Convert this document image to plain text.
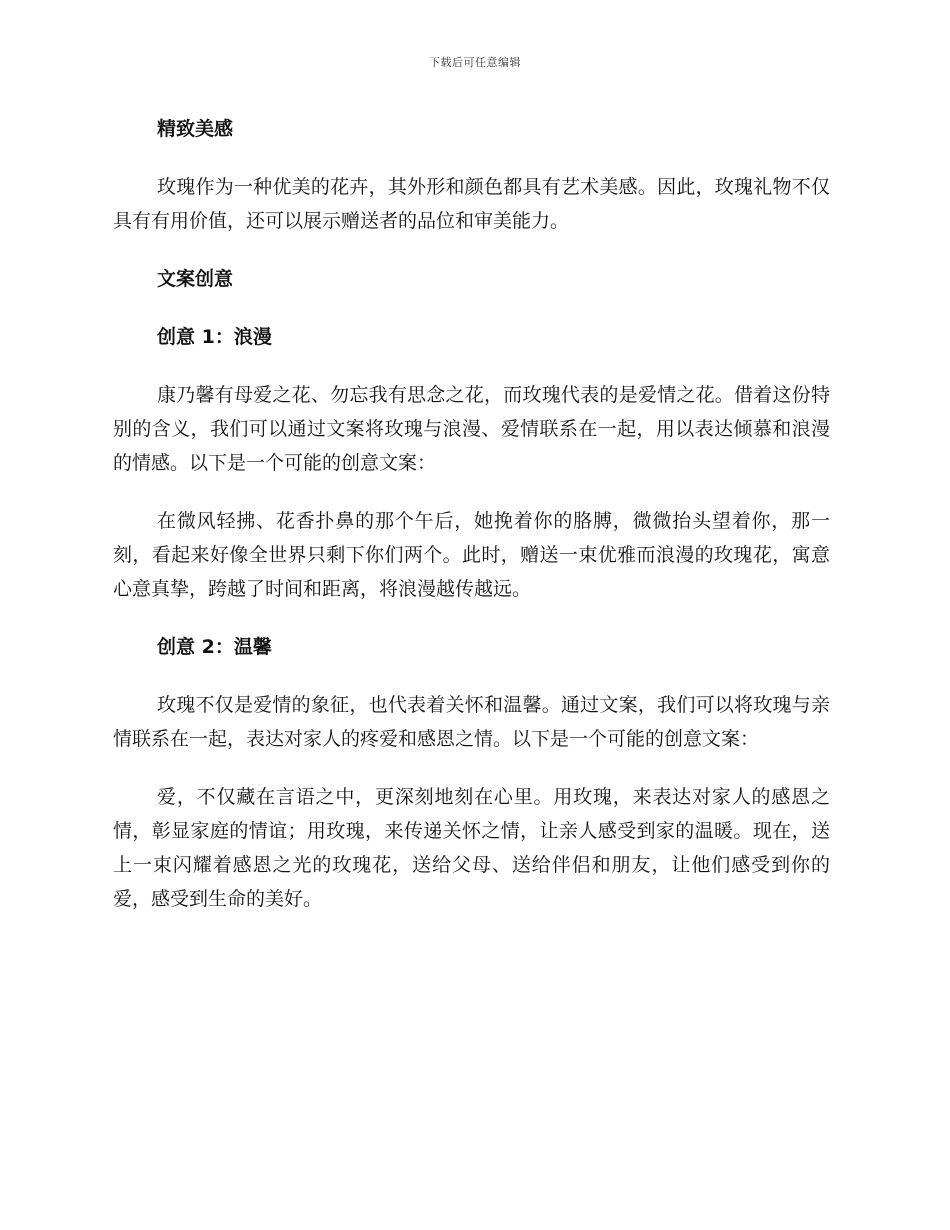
下载后可任意编辑
精致美感
玫瑰作为一种优美的花卉，其外形和颜色都具有艺术美感。因此，玫瑰礼物不仅具有有用价值，还可以展示赠送者的品位和审美能力。
文案创意
创意 1：浪漫
康乃馨有母爱之花、勿忘我有思念之花，而玫瑰代表的是爱情之花。借着这份特别的含义，我们可以通过文案将玫瑰与浪漫、爱情联系在一起，用以表达倾慕和浪漫的情感。以下是一个可能的创意文案：
在微风轻拂、花香扑鼻的那个午后，她挽着你的胳膊，微微抬头望着你，那一刻，看起来好像全世界只剩下你们两个。此时，赠送一束优雅而浪漫的玫瑰花，寓意心意真挚，跨越了时间和距离，将浪漫越传越远。
创意 2：温馨
玫瑰不仅是爱情的象征，也代表着关怀和温馨。通过文案，我们可以将玫瑰与亲情联系在一起，表达对家人的疼爱和感恩之情。以下是一个可能的创意文案：
爱，不仅藏在言语之中，更深刻地刻在心里。用玫瑰，来表达对家人的感恩之情，彰显家庭的情谊；用玫瑰，来传递关怀之情，让亲人感受到家的温暖。现在，送上一束闪耀着感恩之光的玫瑰花，送给父母、送给伴侣和朋友，让他们感受到你的爱，感受到生命的美好。
